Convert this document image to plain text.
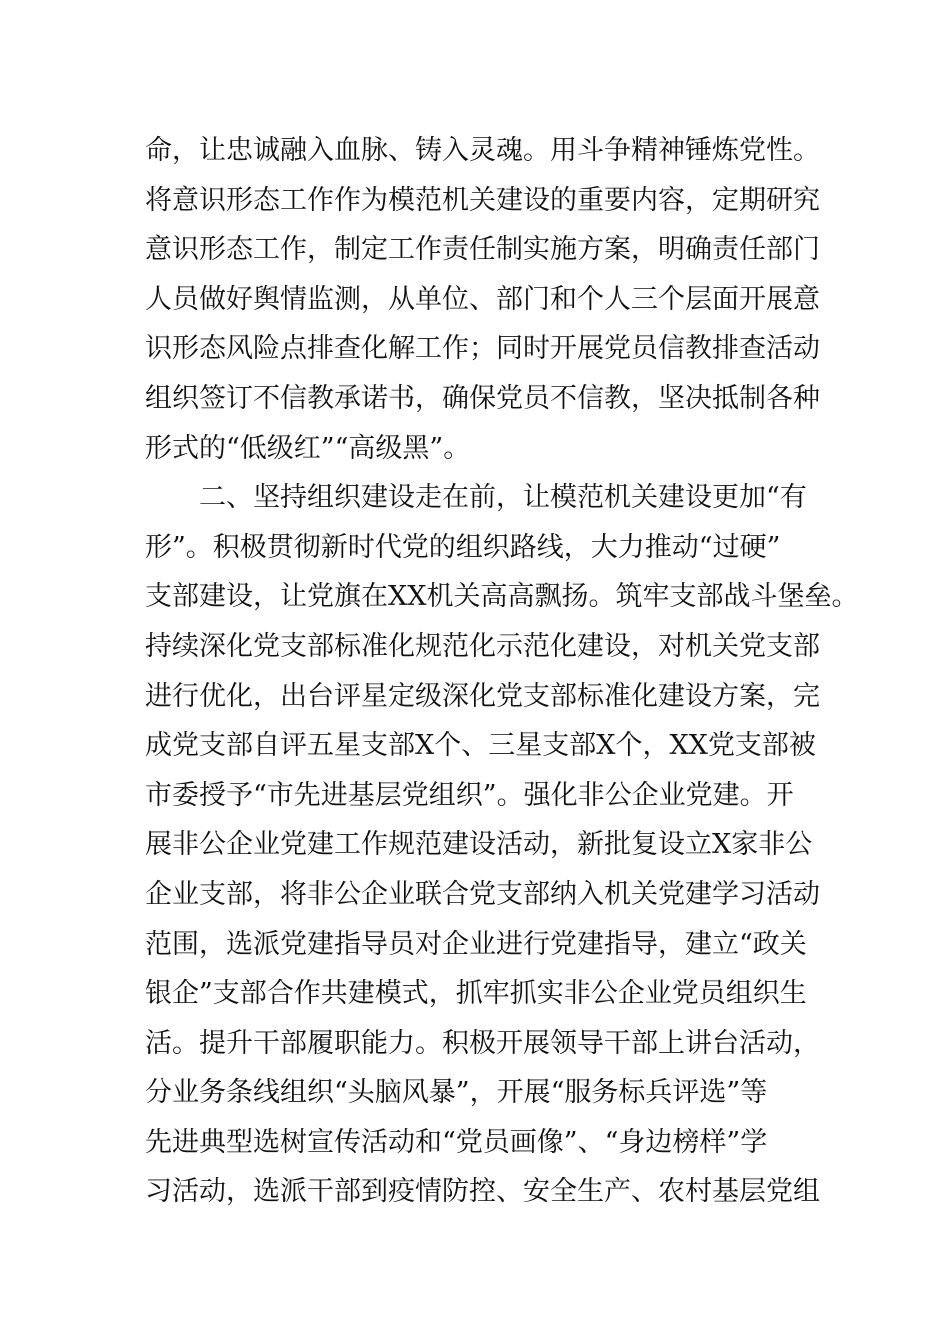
命，让忠诚融入血脉、铸入灵魂。用斗争精神锤炼党性。
将意识形态工作作为模范机关建设的重要内容，定期研究
意识形态工作，制定工作责任制实施方案，明确责任部门
人员做好舆情监测，从单位、部门和个人三个层面开展意
识形态风险点排查化解工作；同时开展党员信教排查活动
组织签订不信教承诺书，确保党员不信教，坚决抵制各种
形式的“低级红”“高级黑”。
二、坚持组织建设走在前，让模范机关建设更加“有
形”。积极贯彻新时代党的组织路线，大力推动“过硬”
支部建设，让党旗在XX机关高高飘扬。筑牢支部战斗堡垒。
持续深化党支部标准化规范化示范化建设，对机关党支部
进行优化，出台评星定级深化党支部标准化建设方案，完
成党支部自评五星支部X个、三星支部X个，XX党支部被
市委授予“市先进基层党组织”。强化非公企业党建。开
展非公企业党建工作规范建设活动，新批复设立X家非公
企业支部，将非公企业联合党支部纳入机关党建学习活动
范围，选派党建指导员对企业进行党建指导，建立“政关
银企”支部合作共建模式，抓牢抓实非公企业党员组织生
活。提升干部履职能力。积极开展领导干部上讲台活动，
分业务条线组织“头脑风暴”，开展“服务标兵评选”等
先进典型选树宣传活动和“党员画像”、“身边榜样”学
习活动，选派干部到疫情防控、安全生产、农村基层党组
